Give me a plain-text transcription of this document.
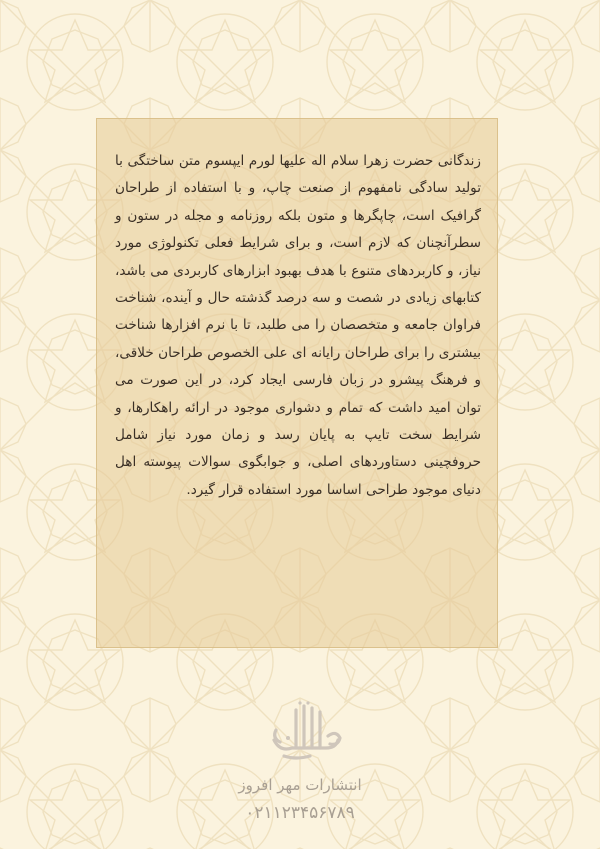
زندگانی حضرت زهرا سلام اله علیها لورم ایپسوم متن ساختگی با تولید سادگی نامفهوم از صنعت چاپ، و با استفاده از طراحان گرافیک است، چاپگرها و متون بلکه روزنامه و مجله در ستون و سطرآنچنان که لازم است، و برای شرایط فعلی تکنولوژی مورد نیاز، و کاربردهای متنوع با هدف بهبود ابزارهای کاربردی می باشد، کتابهای زیادی در شصت و سه درصد گذشته حال و آینده، شناخت فراوان جامعه و متخصصان را می طلبد، تا با نرم افزارها شناخت بیشتری را برای طراحان رایانه ای علی الخصوص طراحان خلاقی، و فرهنگ پیشرو در زبان فارسی ایجاد کرد، در این صورت می توان امید داشت که تمام و دشواری موجود در ارائه راهکارها، و شرایط سخت تایپ به پایان رسد و زمان مورد نیاز شامل حروفچینی دستاوردهای اصلی، و جوابگوی سوالات پیوسته اهل دنیای موجود طراحی اساسا مورد استفاده قرار گیرد.

انتشارات مهر افروز
۰۲۱۱۲۳۴۵۶۷۸۹
